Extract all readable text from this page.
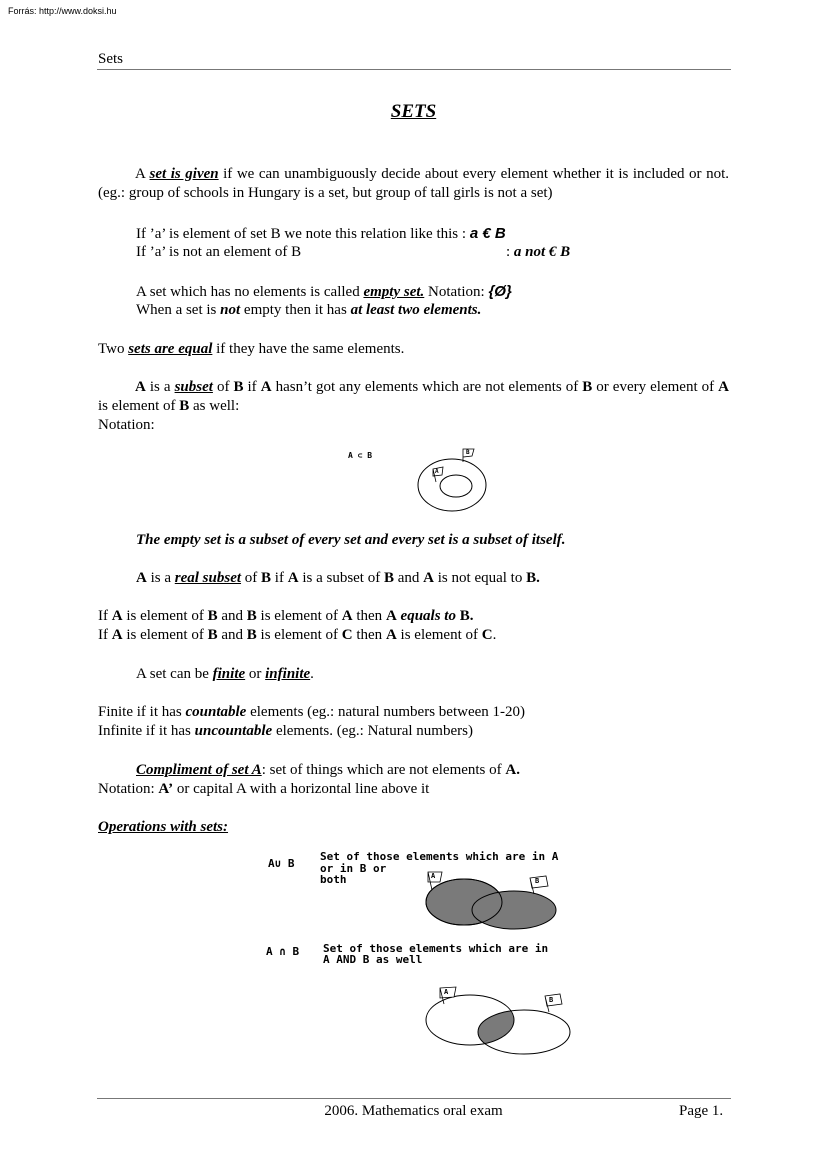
Forrás: http://www.doksi.hu
Sets
SETS
A set is given if we can unambiguously decide about every element whether it is included or not. (eg.: group of schools in Hungary is a set, but group of tall girls is not a set)
If ’a’ is element of set B we note this relation like this : a € B
If ’a’ is not an element of B	: a not € B
A set which has no elements is called empty set. Notation: {Ø}
When a set is not empty then it has at least two elements.
Two sets are equal if they have the same elements.
A is a subset of B if A hasn’t got any elements which are not elements of B or every element of A is element of B as well:
Notation:
A ⊂ B	B
A
The empty set is a subset of every set and every set is a subset of itself.
A is a real subset of B if A is a subset of B and A is not equal to B.
If A is element of B and B is element of A then A equals to B.
If A is element of B and B is element of C then A is element of C.
A set can be finite or infinite.
Finite if it has countable elements (eg.: natural numbers between 1-20)
Infinite if it has uncountable elements. (eg.: Natural numbers)
Compliment of set A: set of things which are not elements of A.
Notation: A’ or capital A with a horizontal line above it
Operations with sets:
A∪ B
Set of those elements which are in A
or in B or
both	A
B
A ∩ B Set of those elements which are in
A AND B as well
A
B
2006. Mathematics oral exam	Page 1.
